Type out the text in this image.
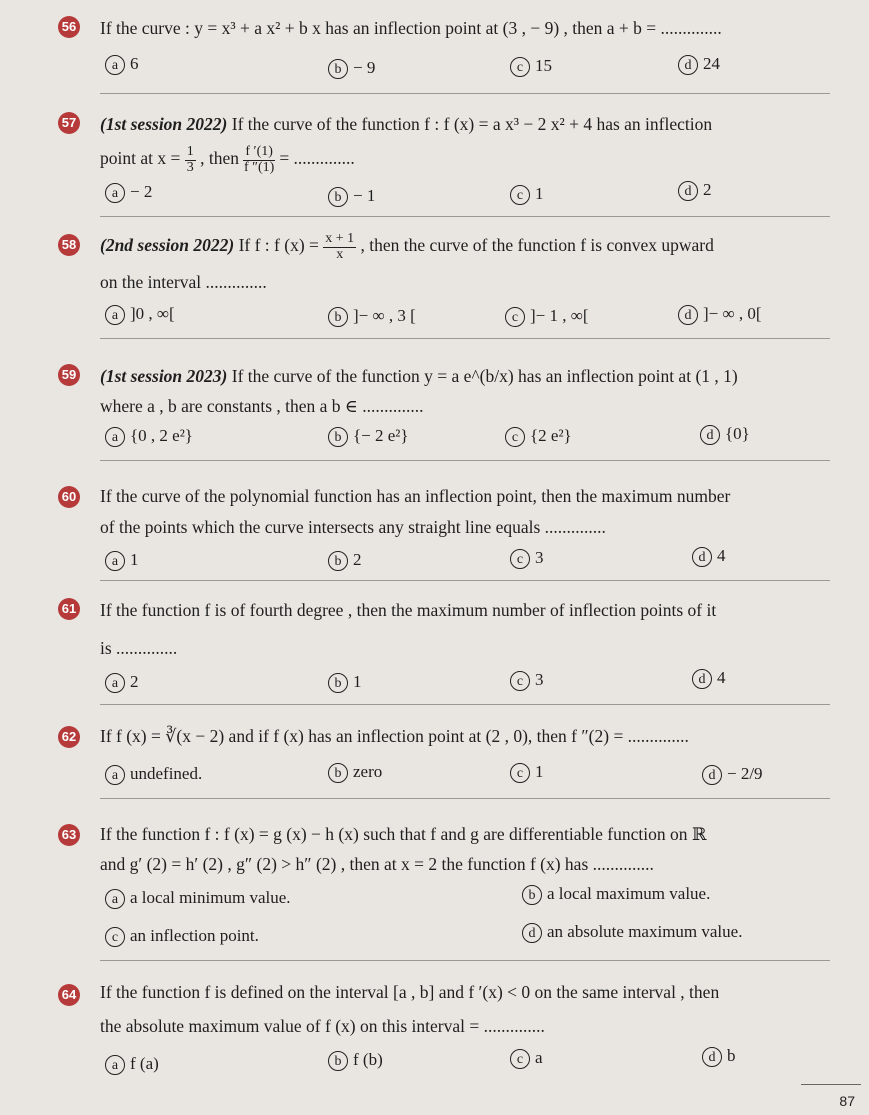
56 If the curve : y = x³ + a x² + b x has an inflection point at (3 , − 9) , then a + b = ..............
a 6	b − 9	c 15	d 24
57 (1st session 2022) If the curve of the function f : f (x) = a x³ − 2 x² + 4 has an inflection
point at $x = \frac{1}{3}$ , then $\frac{f '(1)}{f ''(1)}$ = ..............
a − 2	b − 1	c 1	d 2
58 (2nd session 2022) If f : f $(x) = \frac{x + 1}{x}$ , then the curve of the function f is convex upward
on the interval ..............
a ]0 , ∞[	b ]− ∞ , 3 [	c ]− 1 , ∞[	d ]− ∞ , 0[
59 (1st session 2023) If the curve of the function y = a e^(b/x) has an inflection point at (1 , 1)
where a , b are constants , then a b ∈ ..............
a {0 , 2 e²}	b {− 2 e²}	c {2 e²}	d {0}
60 If the curve of the polynomial function has an inflection point, then the maximum number
of the points which the curve intersects any straight line equals ..............
a 1	b 2	c 3	d 4
61 If the function f is of fourth degree , then the maximum number of inflection points of it
is ..............
a 2	b 1	c 3	d 4
62 If f (x) = ∛(x − 2) and if f (x) has an inflection point at (2 , 0), then f ″(2) = ..............
a undefined.	b zero	c 1	d − 2/9
63 If the function f : f (x) = g (x) − h (x) such that f and g are differentiable function on ℝ
and g′ (2) = h′ (2) , g″ (2) > h″ (2) , then at x = 2 the function f (x) has ..............
a a local minimum value.	b a local maximum value.
c an inflection point.	d an absolute maximum value.
64 If the function f is defined on the interval [a , b] and f ′(x) < 0 on the same interval , then
the absolute maximum value of f (x) on this interval = ..............
a f (a)	b f (b)	c a	d b
87
